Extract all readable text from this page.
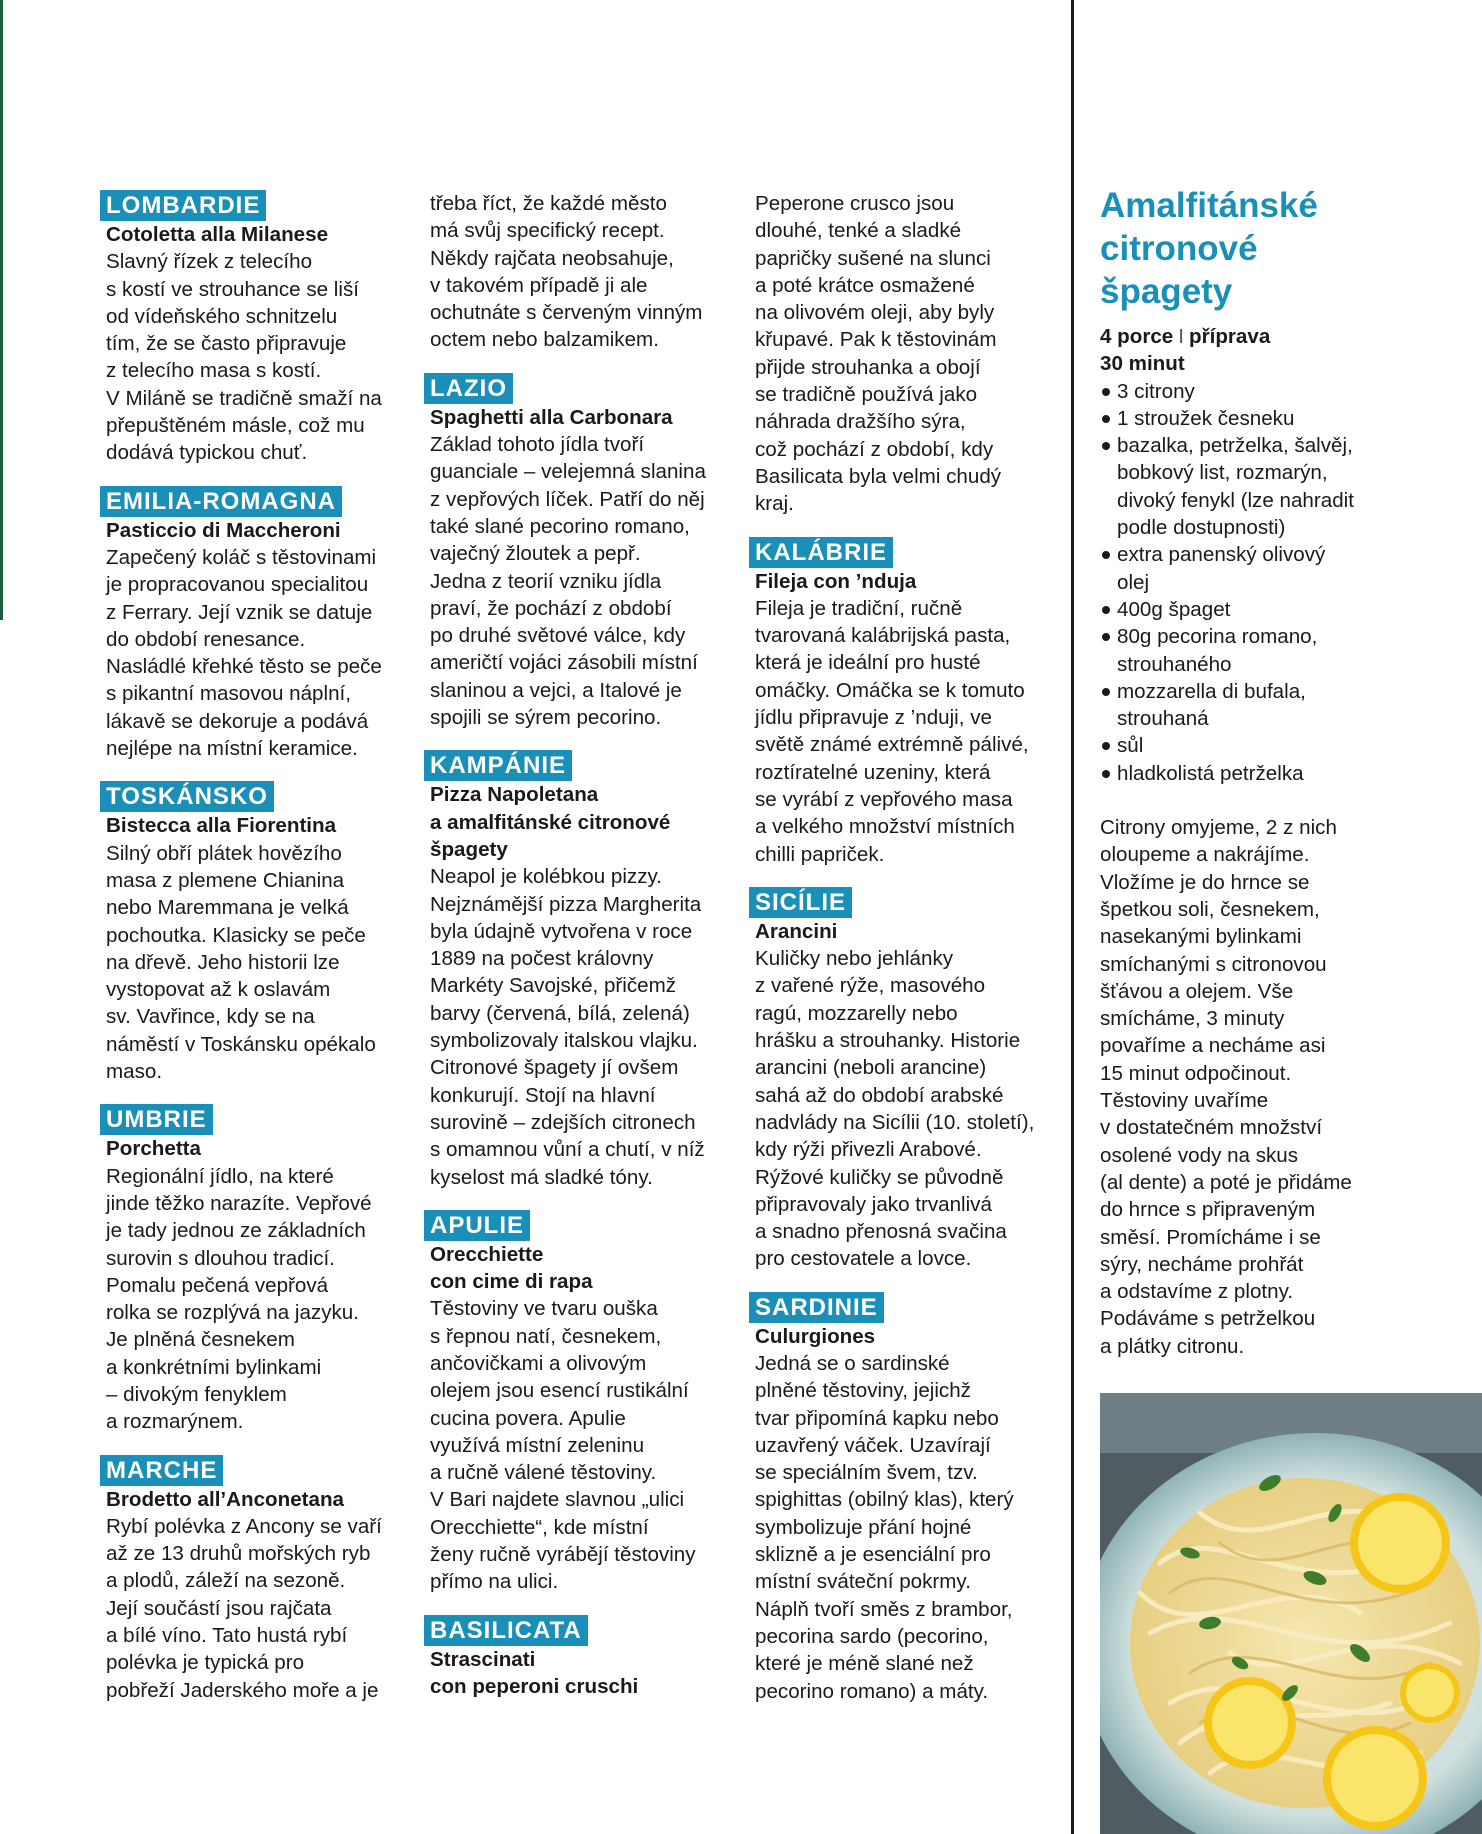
LOMBARDIE
Cotoletta alla Milanese

Slavný řízek z telecího
s kostí ve strouhance se liší
od vídeňského schnitzelu
tím, že se často připravuje
z telecího masa s kostí.
V Miláně se tradičně smaží na
přepuštěném másle, což mu
dodává typickou chuť.

EMILIA-ROMAGNA
Pasticcio di Maccheroni

Zapečený koláč s těstovinami
je propracovanou specialitou
z Ferrary. Její vznik se datuje
do období renesance.
Nasládlé křehké těsto se peče
s pikantní masovou náplní,
lákavě se dekoruje a podává
nejlépe na místní keramice.

TOSKÁNSKO
Bistecca alla Fiorentina

Silný obří plátek hovězího
masa z plemene Chianina
nebo Maremmana je velká
pochoutka. Klasicky se peče
na dřevě. Jeho historii lze
vystopovat až k oslavám
sv. Vavřince, kdy se na
náměstí v Toskánsku opékalo
maso.

UMBRIE
Porchetta

Regionální jídlo, na které
jinde těžko narazíte. Vepřové
je tady jednou ze základních
surovin s dlouhou tradicí.
Pomalu pečená vepřová
rolka se rozplývá na jazyku.
Je plněná česnekem
a konkrétními bylinkami
– divokým fenyklem
a rozmarýnem.

MARCHE
Brodetto all’Anconetana

Rybí polévka z Ancony se vaří
až ze 13 druhů mořských ryb
a plodů, záleží na sezoně.
Její součástí jsou rajčata
a bílé víno. Tato hustá rybí
polévka je typická pro
pobřeží Jaderského moře a je

třeba říct, že každé město
má svůj specifický recept.
Někdy rajčata neobsahuje,
v takovém případě ji ale
ochutnáte s červeným vinným
octem nebo balzamikem.

LAZIO
Spaghetti alla Carbonara

Základ tohoto jídla tvoří
guanciale – velejemná slanina
z vepřových líček. Patří do něj
také slané pecorino romano,
vaječný žloutek a pepř.
Jedna z teorií vzniku jídla
praví, že pochází z období
po druhé světové válce, kdy
američtí vojáci zásobili místní
slaninou a vejci, a Italové je
spojili se sýrem pecorino.

KAMPÁNIE
Pizza Napoletana
a amalfitánské citronové
špagety

Neapol je kolébkou pizzy.
Nejznámější pizza Margherita
byla údajně vytvořena v roce
1889 na počest královny
Markéty Savojské, přičemž
barvy (červená, bílá, zelená)
symbolizovaly italskou vlajku.
Citronové špagety jí ovšem
konkurují. Stojí na hlavní
surovině – zdejších citronech
s omamnou vůní a chutí, v níž
kyselost má sladké tóny.

APULIE
Orecchiette
con cime di rapa

Těstoviny ve tvaru ouška
s řepnou natí, česnekem,
ančovičkami a olivovým
olejem jsou esencí rustikální
cucina povera. Apulie
využívá místní zeleninu
a ručně válené těstoviny.
V Bari najdete slavnou „ulici
Orecchiette“, kde místní
ženy ručně vyrábějí těstoviny
přímo na ulici.

BASILICATA
Strascinati
con peperoni cruschi

Peperone crusco jsou
dlouhé, tenké a sladké
papričky sušené na slunci
a poté krátce osmažené
na olivovém oleji, aby byly
křupavé. Pak k těstovinám
přijde strouhanka a obojí
se tradičně používá jako
náhrada dražšího sýra,
což pochází z období, kdy
Basilicata byla velmi chudý
kraj.

KALÁBRIE
Fileja con ’nduja

Fileja je tradiční, ručně
tvarovaná kalábrijská pasta,
která je ideální pro husté
omáčky. Omáčka se k tomuto
jídlu připravuje z ’nduji, ve
světě známé extrémně pálivé,
roztíratelné uzeniny, která
se vyrábí z vepřového masa
a velkého množství místních
chilli papriček.

SICÍLIE
Arancini

Kuličky nebo jehlánky
z vařené rýže, masového
ragú, mozzarelly nebo
hrášku a strouhanky. Historie
arancini (neboli arancine)
sahá až do období arabské
nadvlády na Sicílii (10. století),
kdy rýži přivezli Arabové.
Rýžové kuličky se původně
připravovaly jako trvanlivá
a snadno přenosná svačina
pro cestovatele a lovce.

SARDINIE
Culurgiones

Jedná se o sardinské
plněné těstoviny, jejichž
tvar připomíná kapku nebo
uzavřený váček. Uzavírají
se speciálním švem, tzv.
spighittas (obilný klas), který
symbolizuje přání hojné
sklizně a je esenciální pro
místní sváteční pokrmy.
Náplň tvoří směs z brambor,
pecorina sardo (pecorino,
které je méně slané než
pecorino romano) a máty.

Amalfitánské
citronové
špagety
4 porce I příprava
30 minut
3 citrony
1 stroužek česneku
bazalka, petrželka, šalvěj,
bobkový list, rozmarýn,
divoký fenykl (lze nahradit
podle dostupnosti)
extra panenský olivový
olej
400g špaget
80g pecorina romano,
strouhaného
mozzarella di bufala,
strouhaná
sůl
hladkolistá petrželka
Citrony omyjeme, 2 z nich
oloupeme a nakrájíme.
Vložíme je do hrnce se
špetkou soli, česnekem,
nasekanými bylinkami
smíchanými s citronovou
šťávou a olejem. Vše
smícháme, 3 minuty
povaříme a necháme asi
15 minut odpočinout.
Těstoviny uvaříme
v dostatečném množství
osolené vody na skus
(al dente) a poté je přidáme
do hrnce s připraveným
směsí. Promícháme i se
sýry, necháme prohřát
a odstavíme z plotny.
Podáváme s petrželkou
a plátky citronu.
